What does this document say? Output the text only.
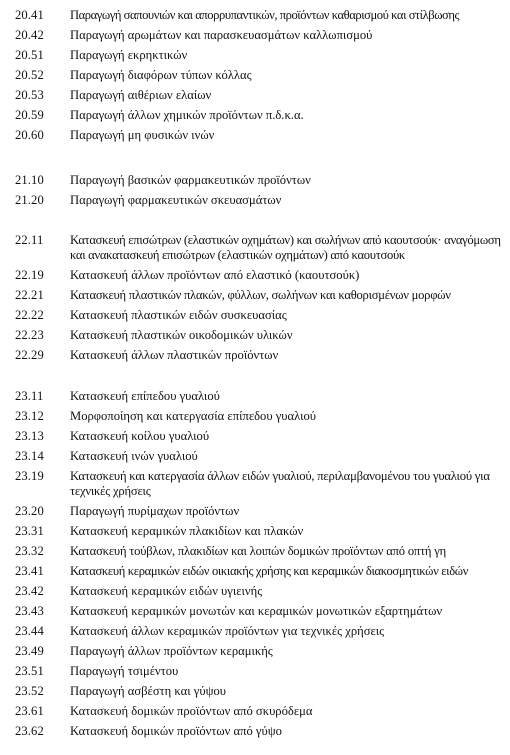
20.41	Παραγωγή σαπουνιών και απορρυπαντικών, προϊόντων καθαρισμού και στίλβωσης
20.42	Παραγωγή αρωμάτων και παρασκευασμάτων καλλωπισμού
20.51	Παραγωγή εκρηκτικών
20.52	Παραγωγή διαφόρων τύπων κόλλας
20.53	Παραγωγή αιθέριων ελαίων
20.59	Παραγωγή άλλων χημικών προϊόντων π.δ.κ.α.
20.60	Παραγωγή μη φυσικών ινών
21.10	Παραγωγή βασικών φαρμακευτικών προϊόντων
21.20	Παραγωγή φαρμακευτικών σκευασμάτων
22.11	Κατασκευή επισώτρων (ελαστικών οχημάτων) και σωλήνων από καουτσούκ· αναγόμωση και ανακατασκευή επισώτρων (ελαστικών οχημάτων) από καουτσούκ
22.19	Κατασκευή άλλων προϊόντων από ελαστικό (καουτσούκ)
22.21	Κατασκευή πλαστικών πλακών, φύλλων, σωλήνων και καθορισμένων μορφών
22.22	Κατασκευή πλαστικών ειδών συσκευασίας
22.23	Κατασκευή πλαστικών οικοδομικών υλικών
22.29	Κατασκευή άλλων πλαστικών προϊόντων
23.11	Κατασκευή επίπεδου γυαλιού
23.12	Μορφοποίηση και κατεργασία επίπεδου γυαλιού
23.13	Κατασκευή κοίλου γυαλιού
23.14	Κατασκευή ινών γυαλιού
23.19	Κατασκευή και κατεργασία άλλων ειδών γυαλιού, περιλαμβανομένου του γυαλιού για τεχνικές χρήσεις
23.20	Παραγωγή πυρίμαχων προϊόντων
23.31	Κατασκευή κεραμικών πλακιδίων και πλακών
23.32	Κατασκευή τούβλων, πλακιδίων και λοιπών δομικών προϊόντων από οπτή γη
23.41	Κατασκευή κεραμικών ειδών οικιακής χρήσης και κεραμικών διακοσμητικών ειδών
23.42	Κατασκευή κεραμικών ειδών υγιεινής
23.43	Κατασκευή κεραμικών μονωτών και κεραμικών μονωτικών εξαρτημάτων
23.44	Κατασκευή άλλων κεραμικών προϊόντων για τεχνικές χρήσεις
23.49	Παραγωγή άλλων προϊόντων κεραμικής
23.51	Παραγωγή τσιμέντου
23.52	Παραγωγή ασβέστη και γύψου
23.61	Κατασκευή δομικών προϊόντων από σκυρόδεμα
23.62	Κατασκευή δομικών προϊόντων από γύψο
